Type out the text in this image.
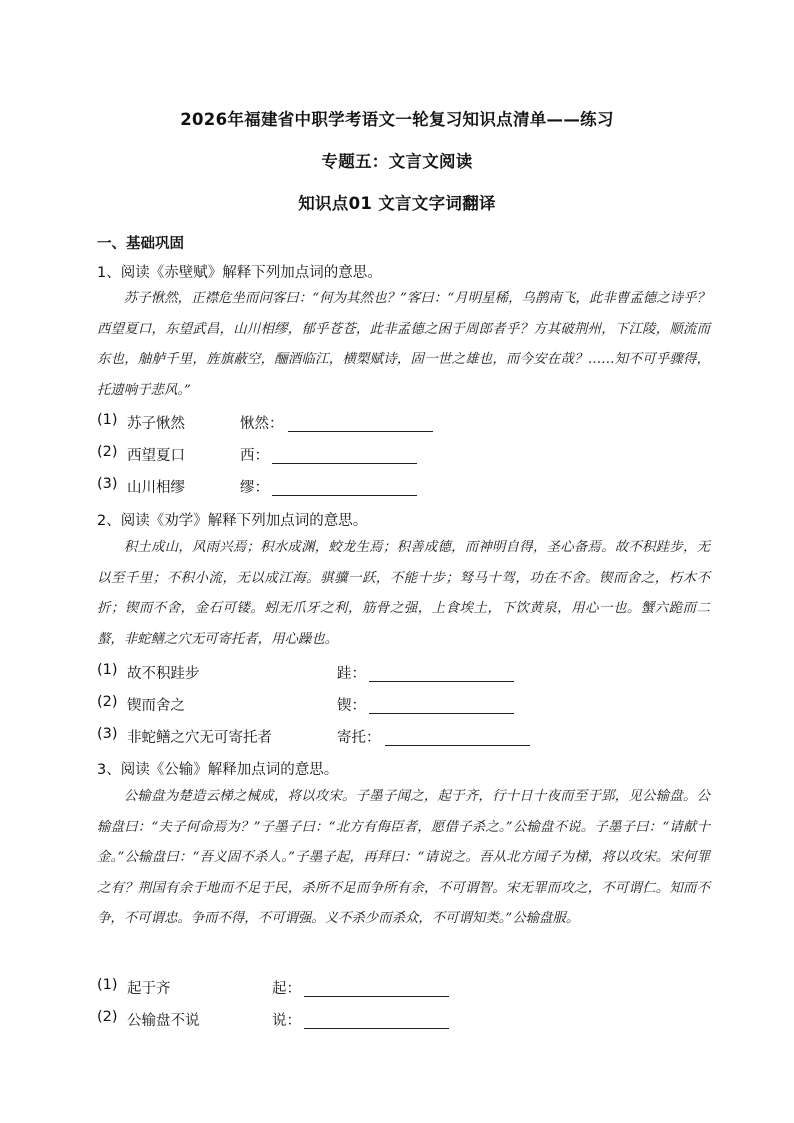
2026年福建省中职学考语文一轮复习知识点清单——练习
专题五：文言文阅读
知识点01 文言文字词翻译
一、基础巩固
1、阅读《赤壁赋》解释下列加点词的意思。
苏子愀然，正襟危坐而问客曰：“何为其然也？”客曰：“月明星稀，乌鹊南飞，此非曹孟德之诗乎？西望夏口，东望武昌，山川相缪，郁乎苍苍，此非孟德之困于周郎者乎？方其破荆州，下江陵，顺流而东也，舳舻千里，旌旗蔽空，酾酒临江，横槊赋诗，固一世之雄也，而今安在哉？……知不可乎骤得，托遗响于悲风。”
(1) 苏子愀然	愀然：
(2) 西望夏口	西：
(3) 山川相缪	缪：
2、阅读《劝学》解释下列加点词的意思。
积土成山，风雨兴焉；积水成渊，蛟龙生焉；积善成德，而神明自得，圣心备焉。故不积跬步，无以至千里；不积小流，无以成江海。骐骥一跃，不能十步；驽马十驾，功在不舍。锲而舍之，朽木不折；锲而不舍，金石可镂。蚓无爪牙之利，筋骨之强，上食埃土，下饮黄泉，用心一也。蟹六跪而二螯，非蛇鳝之穴无可寄托者，用心躁也。
(1) 故不积跬步	跬：
(2) 锲而舍之	锲：
(3) 非蛇鳝之穴无可寄托者	寄托：
3、阅读《公输》解释加点词的意思。
公输盘为楚造云梯之械成，将以攻宋。子墨子闻之，起于齐，行十日十夜而至于郢，见公输盘。公输盘曰：“夫子何命焉为？”子墨子曰：“北方有侮臣者，愿借子杀之。”公输盘不说。子墨子曰：“请献十金。”公输盘曰：“吾义固不杀人。”子墨子起，再拜曰：“请说之。吾从北方闻子为梯，将以攻宋。宋何罪之有？荆国有余于地而不足于民，杀所不足而争所有余，不可谓智。宋无罪而攻之，不可谓仁。知而不争，不可谓忠。争而不得，不可谓强。义不杀少而杀众，不可谓知类。”公输盘服。
(1) 起于齐	起：
(2) 公输盘不说	说：
